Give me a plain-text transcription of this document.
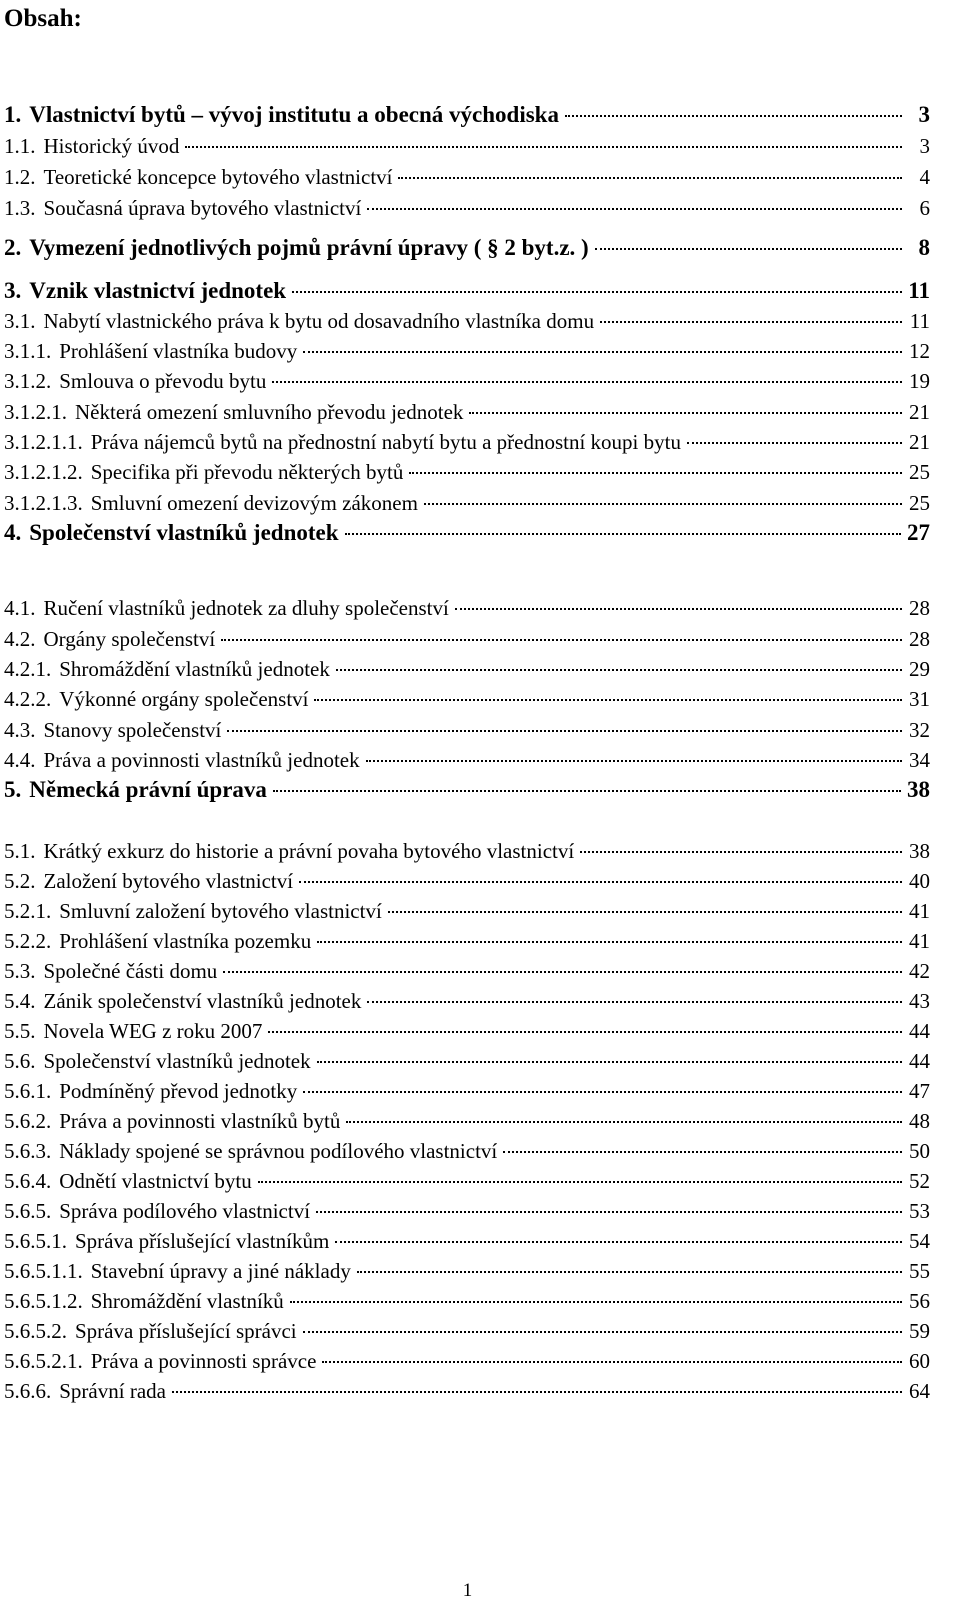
Obsah:
1. Vlastnictví bytů – vývoj institutu a obecná východiska	3
1.1. Historický úvod	3
1.2. Teoretické koncepce bytového vlastnictví	4
1.3. Současná úprava bytového vlastnictví	6
2. Vymezení jednotlivých pojmů právní úpravy ( § 2 byt.z. )	8
3. Vznik vlastnictví jednotek	11
3.1. Nabytí vlastnického práva k bytu od dosavadního vlastníka domu	11
3.1.1. Prohlášení vlastníka budovy	12
3.1.2. Smlouva o převodu bytu	19
3.1.2.1. Některá omezení smluvního převodu jednotek	21
3.1.2.1.1. Práva nájemců bytů na přednostní nabytí bytu a přednostní koupi bytu	21
3.1.2.1.2. Specifika při převodu některých bytů	25
3.1.2.1.3. Smluvní omezení devizovým zákonem	25
4. Společenství vlastníků jednotek	27
4.1. Ručení vlastníků jednotek za dluhy společenství	28
4.2. Orgány společenství	28
4.2.1. Shromáždění vlastníků jednotek	29
4.2.2. Výkonné orgány společenství	31
4.3. Stanovy společenství	32
4.4. Práva a povinnosti vlastníků jednotek	34
5. Německá právní úprava	38
5.1. Krátký exkurz do historie a právní povaha bytového vlastnictví	38
5.2. Založení bytového vlastnictví	40
5.2.1. Smluvní založení bytového vlastnictví	41
5.2.2. Prohlášení vlastníka pozemku	41
5.3. Společné části domu	42
5.4. Zánik společenství vlastníků jednotek	43
5.5. Novela WEG z roku 2007	44
5.6. Společenství vlastníků jednotek	44
5.6.1. Podmíněný převod jednotky	47
5.6.2. Práva a povinnosti vlastníků bytů	48
5.6.3. Náklady spojené se správnou podílového vlastnictví	50
5.6.4. Odnětí vlastnictví bytu	52
5.6.5. Správa podílového vlastnictví	53
5.6.5.1. Správa příslušející vlastníkům	54
5.6.5.1.1. Stavební úpravy a jiné náklady	55
5.6.5.1.2. Shromáždění vlastníků	56
5.6.5.2. Správa příslušející správci	59
5.6.5.2.1. Práva a povinnosti správce	60
5.6.6. Správní rada	64
1
